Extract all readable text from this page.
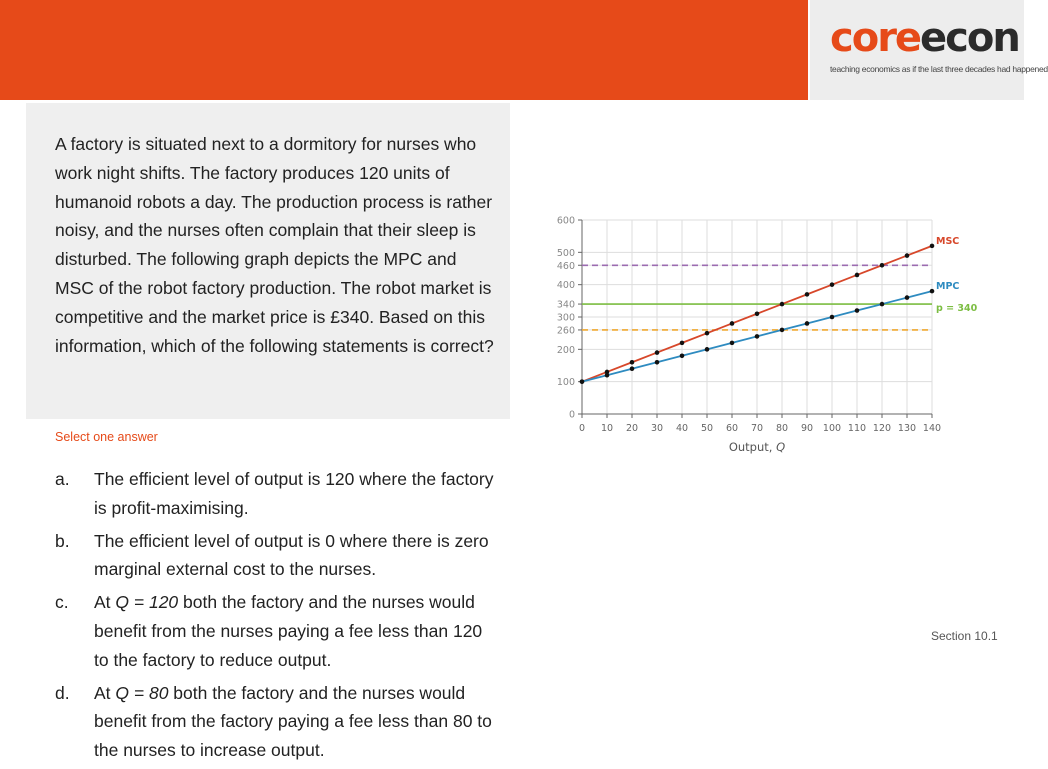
coreecon
teaching economics as if the last three decades had happened
A factory is situated next to a dormitory for nurses who work night shifts. The factory produces 120 units of humanoid robots a day. The production process is rather noisy, and the nurses often complain that their sleep is disturbed. The following graph depicts the MPC and MSC of the robot factory production. The robot market is competitive and the market price is £340. Based on this information, which of the following statements is correct?
Select one answer
a. The efficient level of output is 120 where the factory is profit-maximising.
b. The efficient level of output is 0 where there is zero marginal external cost to the nurses.
c. At Q = 120 both the factory and the nurses would benefit from the nurses paying a fee less than 120 to the factory to reduce output.
d. At Q = 80 both the factory and the nurses would benefit from the factory paying a fee less than 80 to the nurses to increase output.
Section 10.1
0 10 20 30 40 50 60 70 80 90 100 110 120 130 140
0
100
200
260
300
340
400
460
500
600
p = 340
MSC
MPC
Output, Q
